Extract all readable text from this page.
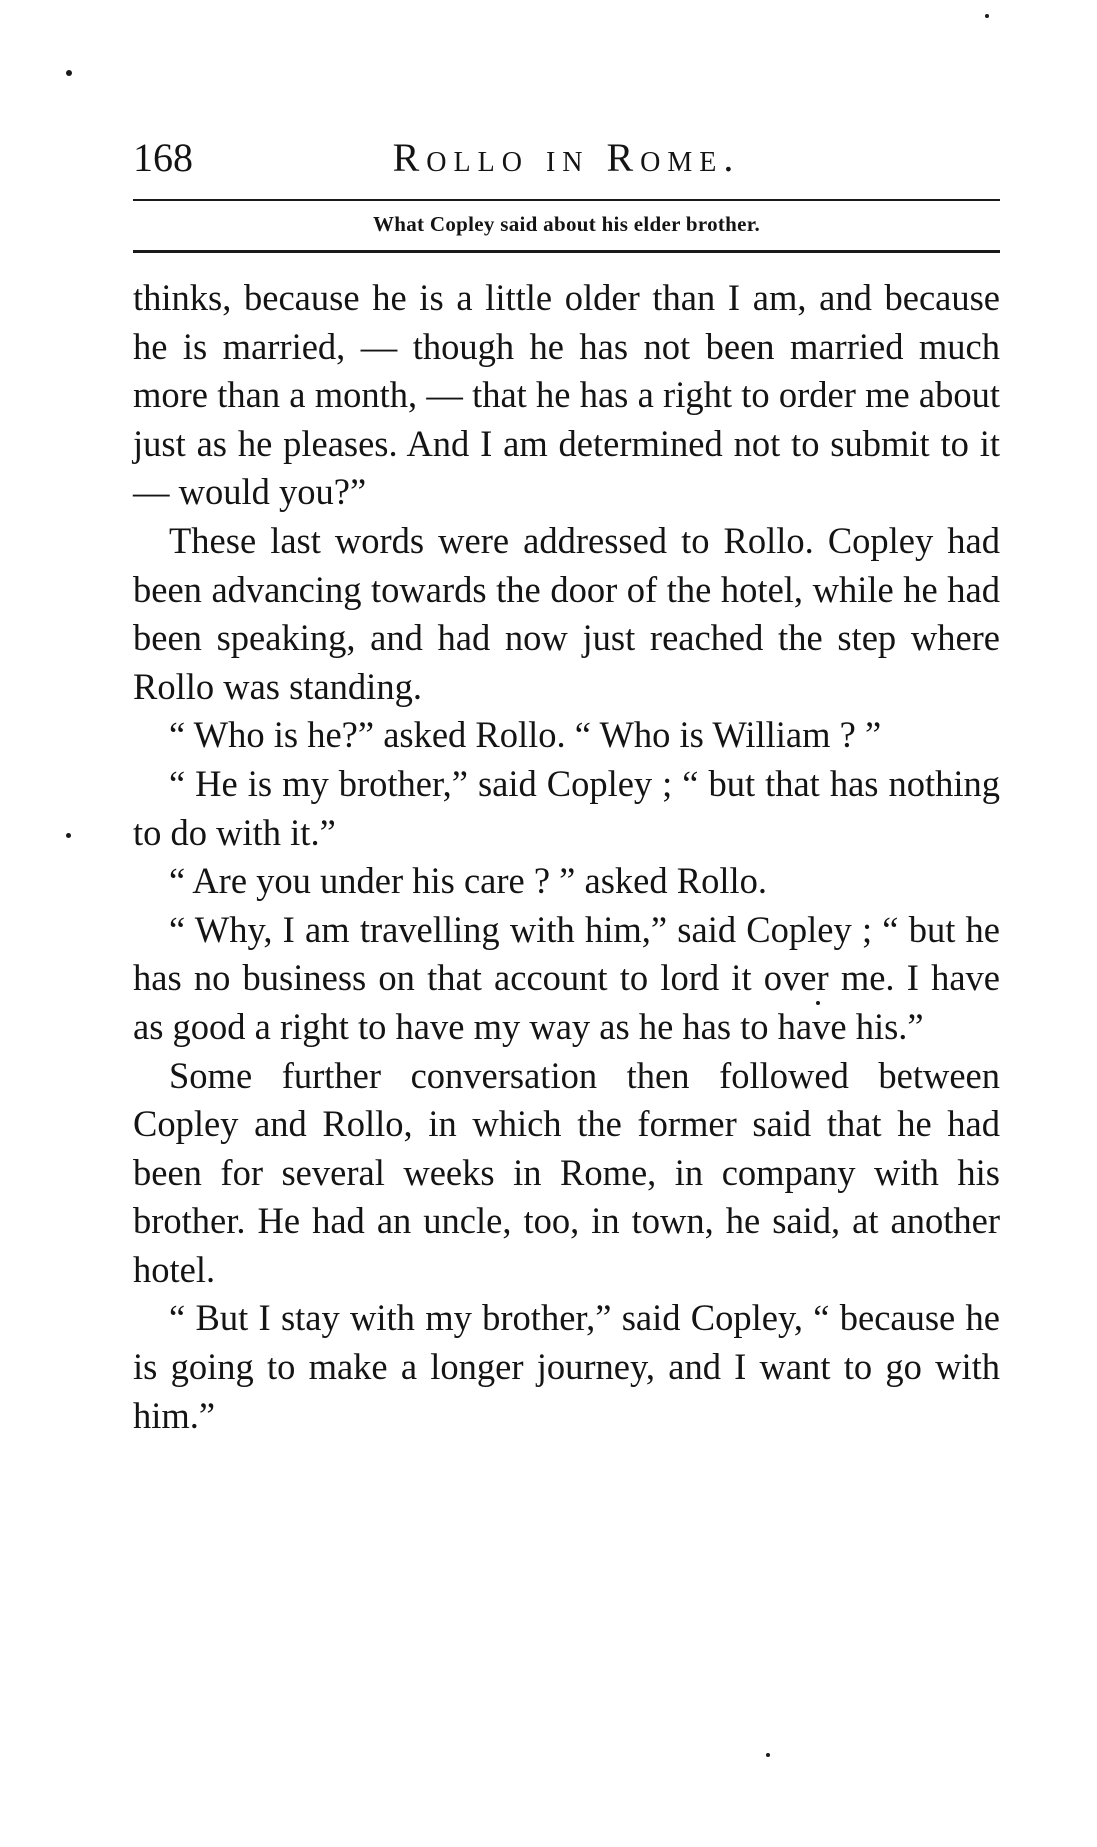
168	Rollo in Rome.
What Copley said about his elder brother.

thinks, because he is a little older than I am, and because he is married, — though he has not been married much more than a month, — that he has a right to order me about just as he pleases. And I am determined not to submit to it — would you?”

These last words were addressed to Rollo. Copley had been advancing towards the door of the hotel, while he had been speaking, and had now just reached the step where Rollo was standing.

“ Who is he?” asked Rollo. “ Who is William ? ”

“ He is my brother,” said Copley ; “ but that has nothing to do with it.”

“ Are you under his care ? ” asked Rollo.

“ Why, I am travelling with him,” said Copley ; “ but he has no business on that account to lord it over me. I have as good a right to have my way as he has to have his.”

Some further conversation then followed between Copley and Rollo, in which the former said that he had been for several weeks in Rome, in company with his brother. He had an uncle, too, in town, he said, at another hotel.

“ But I stay with my brother,” said Copley, “ because he is going to make a longer journey, and I want to go with him.”
